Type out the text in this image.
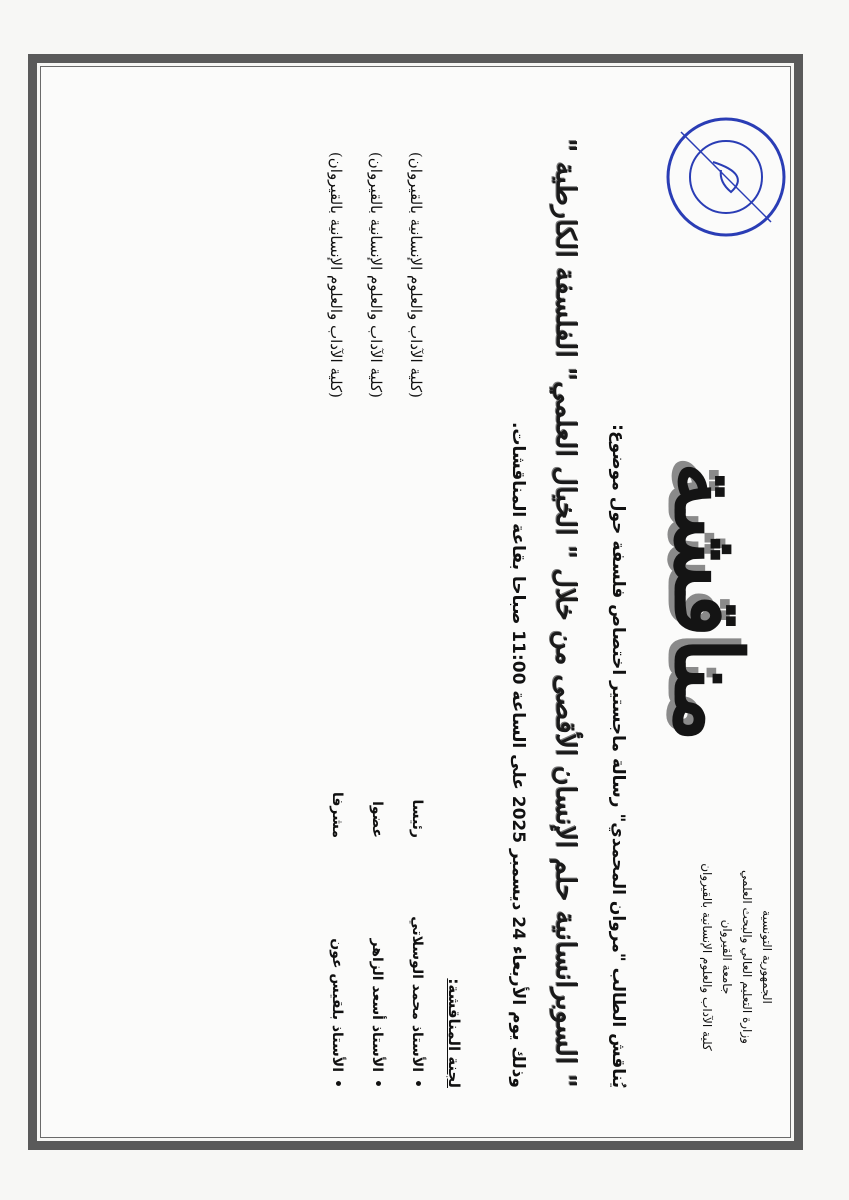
الجمهورية التونسية
وزارة التعليم العالي والبحث العلمي
جامعة القيروان
كلية الآداب والعلوم الإنسانية بالقيروان
الآداب الإنسانية
مناقشة
يُناقش الطالب "مروان المحمدي" رسالة ماجستير اختصاص فلسفة حول موضوع:
" السوبرانسانية حلم الإنسان الأقصى من خلال " الخيال العلمي" الفلسفة الكارطية "
وذلك يوم الأربعاء 24 ديسمبر 2025 على الساعة 11:00 صباحا بقاعة المناقشات.
لجنة المناقشة:
•
الأستاذ محمد الوسلاتي
رئيسا
(كلية الآداب والعلوم الإنسانية بالقيروان)
•
الأستاذ أسعد الزاهر
عضوا
(كلية الآداب والعلوم الإنسانية بالقيروان)
•
الأستاذ بلقيس عون
مشرفا
(كلية الآداب والعلوم الإنسانية بالقيروان)
